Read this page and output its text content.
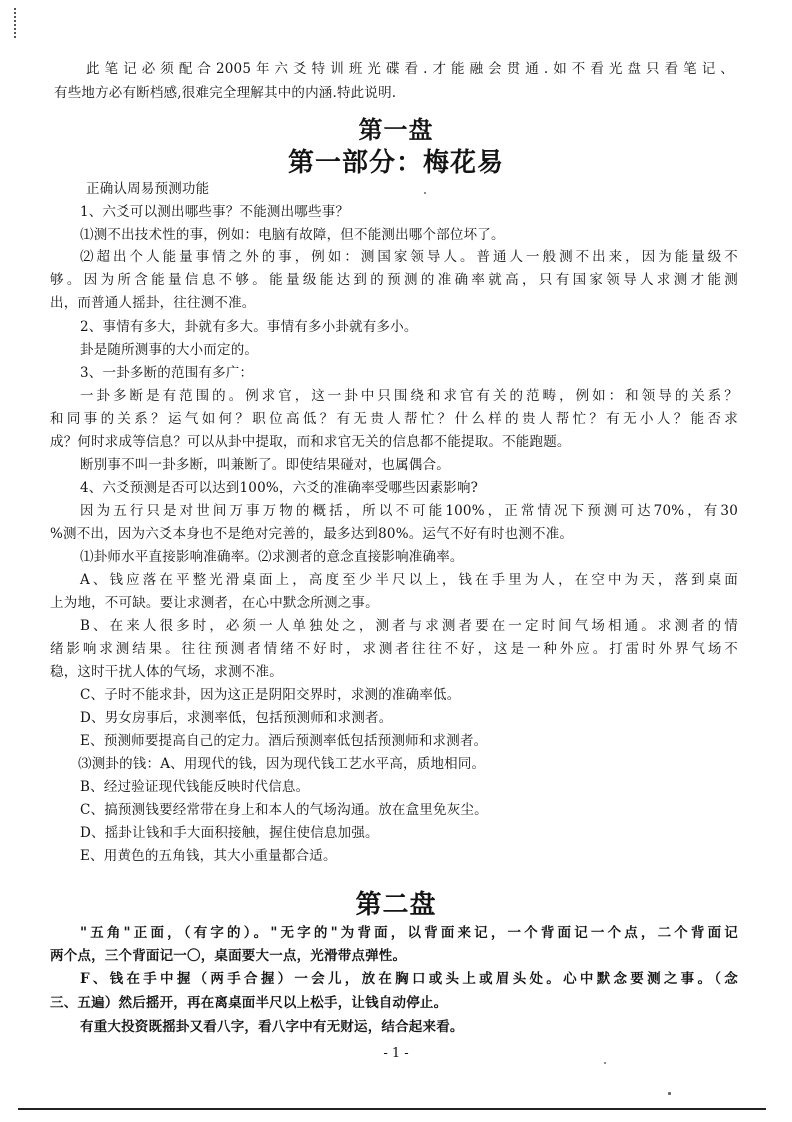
此笔记必须配合2005年六爻特训班光碟看.才能融会贯通.如不看光盘只看笔记、
有些地方必有断档感,很难完全理解其中的内涵.特此说明.
第一盘
第一部分：梅花易
正确认周易预测功能
1、六爻可以测出哪些事？不能测出哪些事？
⑴测不出技术性的事，例如：电脑有故障，但不能测出哪个部位坏了。
⑵超出个人能量事情之外的事，例如：测国家领导人。普通人一般测不出来，因为能量级不
够。因为所含能量信息不够。能量级能达到的预测的准确率就高，只有国家领导人求测才能测
出，而普通人摇卦，往往测不准。
2、事情有多大，卦就有多大。事情有多小卦就有多小。
卦是随所测事的大小而定的。
3、一卦多断的范围有多广：
一卦多断是有范围的。例求官，这一卦中只围绕和求官有关的范畴，例如：和领导的关系？
和同事的关系？运气如何？职位高低？有无贵人帮忙？什么样的贵人帮忙？有无小人？能否求
成？何时求成等信息？可以从卦中提取，而和求官无关的信息都不能提取。不能跑题。
断別事不叫一卦多断，叫兼断了。即使结果碰对，也属偶合。
4、六爻预测是否可以达到100%，六爻的准确率受哪些因素影响?
因为五行只是对世间万事万物的概括，所以不可能100%，正常情况下预测可达70%，有30
%测不出，因为六爻本身也不是绝对完善的，最多达到80%。运气不好有时也测不准。
⑴卦师水平直接影响准确率。⑵求测者的意念直接影响准确率。
A、钱应落在平整光滑桌面上，高度至少半尺以上，钱在手里为人，在空中为天，落到桌面
上为地，不可缺。要让求测者，在心中默念所测之事。
B、在来人很多时，必须一人单独处之，测者与求测者要在一定时间气场相通。求测者的情
绪影响求测结果。往往预测者情绪不好时，求测者往往不好，这是一种外应。打雷时外界气场不
稳，这时干扰人体的气场，求测不准。
C、子时不能求卦，因为这正是阴阳交界时，求测的准确率低。
D、男女房事后，求测率低，包括预测师和求测者。
E、预测师要提高自己的定力。酒后预测率低包括预测师和求测者。
⑶测卦的钱：A、用现代的钱，因为现代钱工艺水平高，质地相同。
B、经过验证现代钱能反映时代信息。
C、搞预测钱要经常带在身上和本人的气场沟通。放在盒里免灰尘。
D、摇卦让钱和手大面积接触，握住使信息加强。
E、用黄色的五角钱，其大小重量都合适。
第二盘
"五角"正面，（有字的）。"无字的"为背面，以背面来记，一个背面记一个点，二个背面记
两个点，三个背面记一〇，桌面要大一点，光滑带点弹性。
F、钱在手中握（两手合握）一会儿，放在胸口或头上或眉头处。心中默念要测之事。（念
三、五遍）然后摇开，再在离桌面半尺以上松手，让钱自动停止。
有重大投资既摇卦又看八字，看八字中有无财运，结合起来看。
- 1 -
